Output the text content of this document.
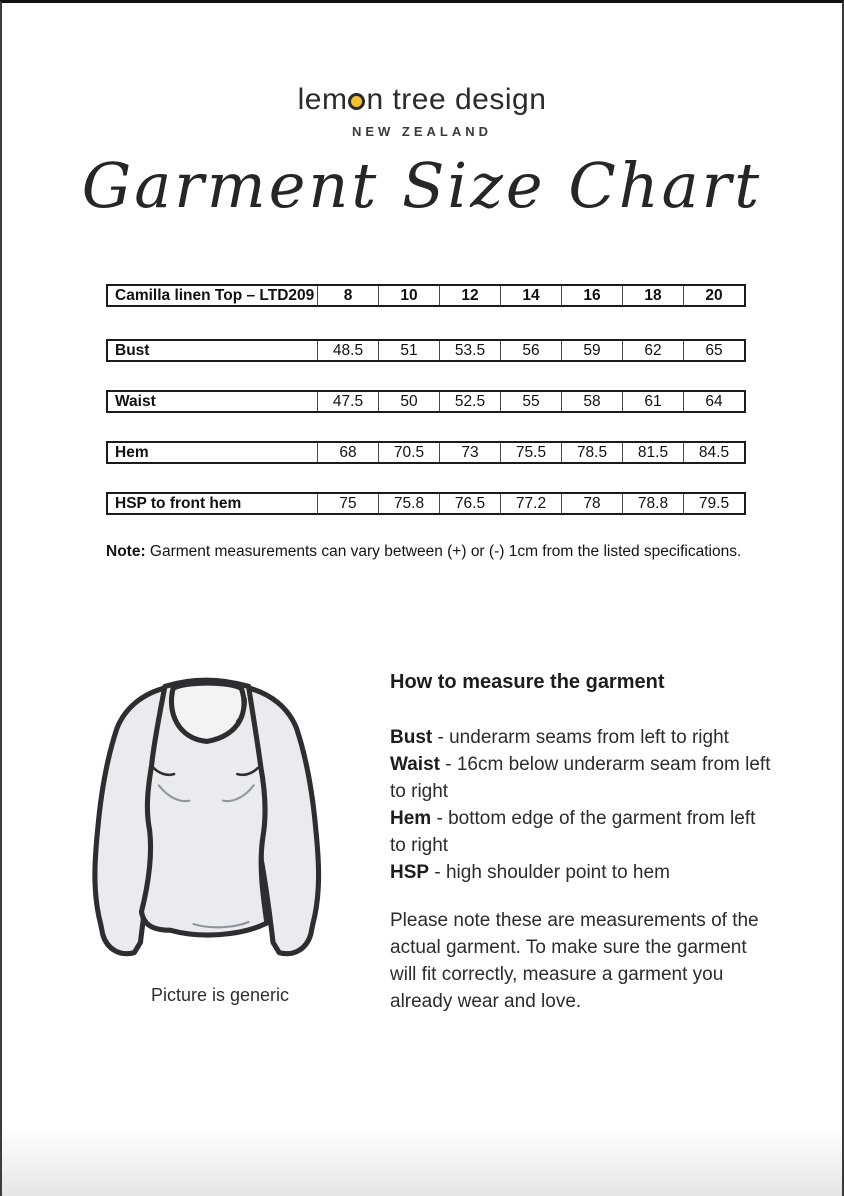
lem n tree design
NEW ZEALAND
Garment Size Chart
Camilla linen Top – LTD209	8	10	12	14	16	18	20
Bust	48.5	51	53.5	56	59	62	65
Waist	47.5	50	52.5	55	58	61	64
Hem	68	70.5	73	75.5	78.5	81.5	84.5
HSP to front hem	75	75.8	76.5	77.2	78	78.8	79.5

Note: Garment measurements can vary between (+) or (-) 1cm from the listed specifications.

Picture is generic
How to measure the garment
Bust - underarm seams from left to right
Waist - 16cm below underarm seam from left to right
Hem - bottom edge of the garment from left to right
HSP - high shoulder point to hem

Please note these are measurements of the actual garment. To make sure the garment will fit correctly, measure a garment you already wear and love.
